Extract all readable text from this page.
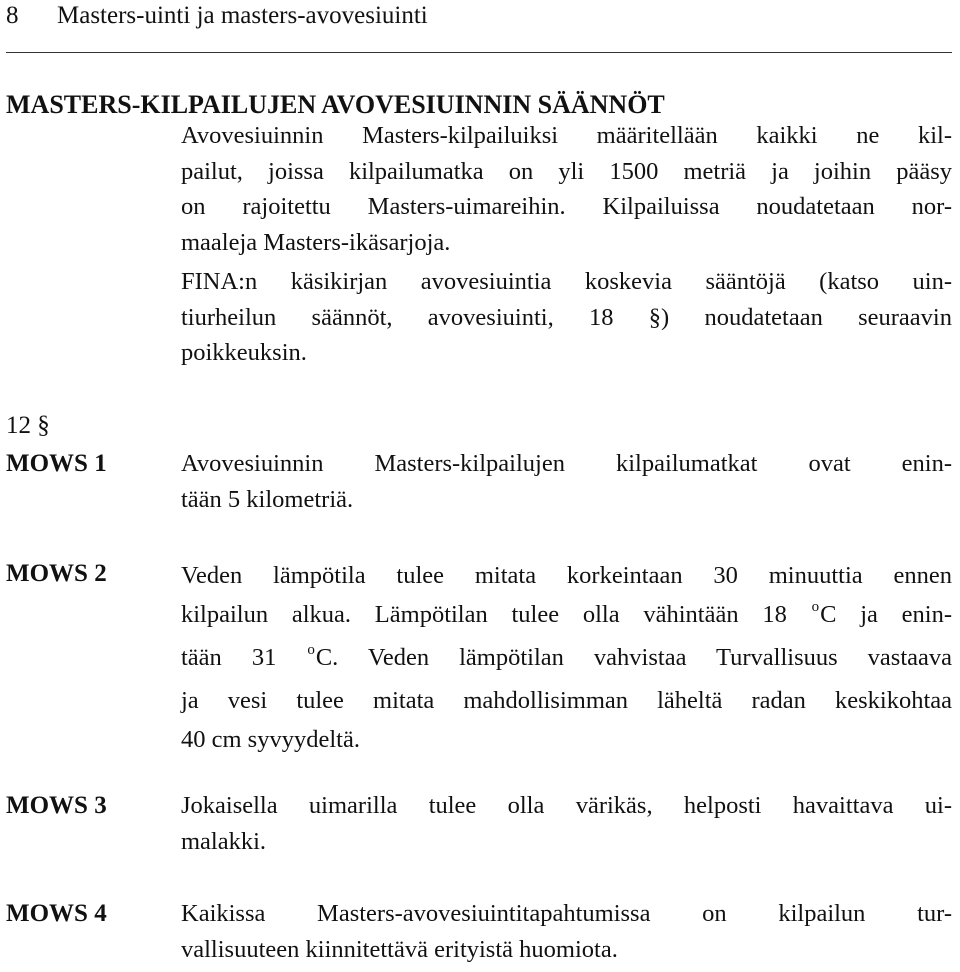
8 Masters-uinti ja masters-avovesiuinti
MASTERS-KILPAILUJEN AVOVESIUINNIN SÄÄNNÖT
Avovesiuinnin Masters-kilpailuiksi määritellään kaikki ne kil-
pailut, joissa kilpailumatka on yli 1500 metriä ja joihin pääsy
on rajoitettu Masters-uimareihin. Kilpailuissa noudatetaan nor-
maaleja Masters-ikäsarjoja.
FINA:n käsikirjan avovesiuintia koskevia sääntöjä (katso uin-
tiurheilun säännöt, avovesiuinti, 18 §) noudatetaan seuraavin
poikkeuksin.
12 §
MOWS 1	Avovesiuinnin Masters-kilpailujen kilpailumatkat ovat enin-
tään 5 kilometriä.
MOWS 2	Veden lämpötila tulee mitata korkeintaan 30 minuuttia ennen
kilpailun alkua. Lämpötilan tulee olla vähintään 18 $^o$C ja enin-
tään 31 $^o$C. Veden lämpötilan vahvistaa Turvallisuus vastaava
ja vesi tulee mitata mahdollisimman läheltä radan keskikohtaa
40 cm syvyydeltä.
MOWS 3	Jokaisella uimarilla tulee olla värikäs, helposti havaittava ui-
malakki.
MOWS 4	Kaikissa Masters-avovesiuintitapahtumissa on kilpailun tur-
vallisuuteen kiinnitettävä erityistä huomiota.
